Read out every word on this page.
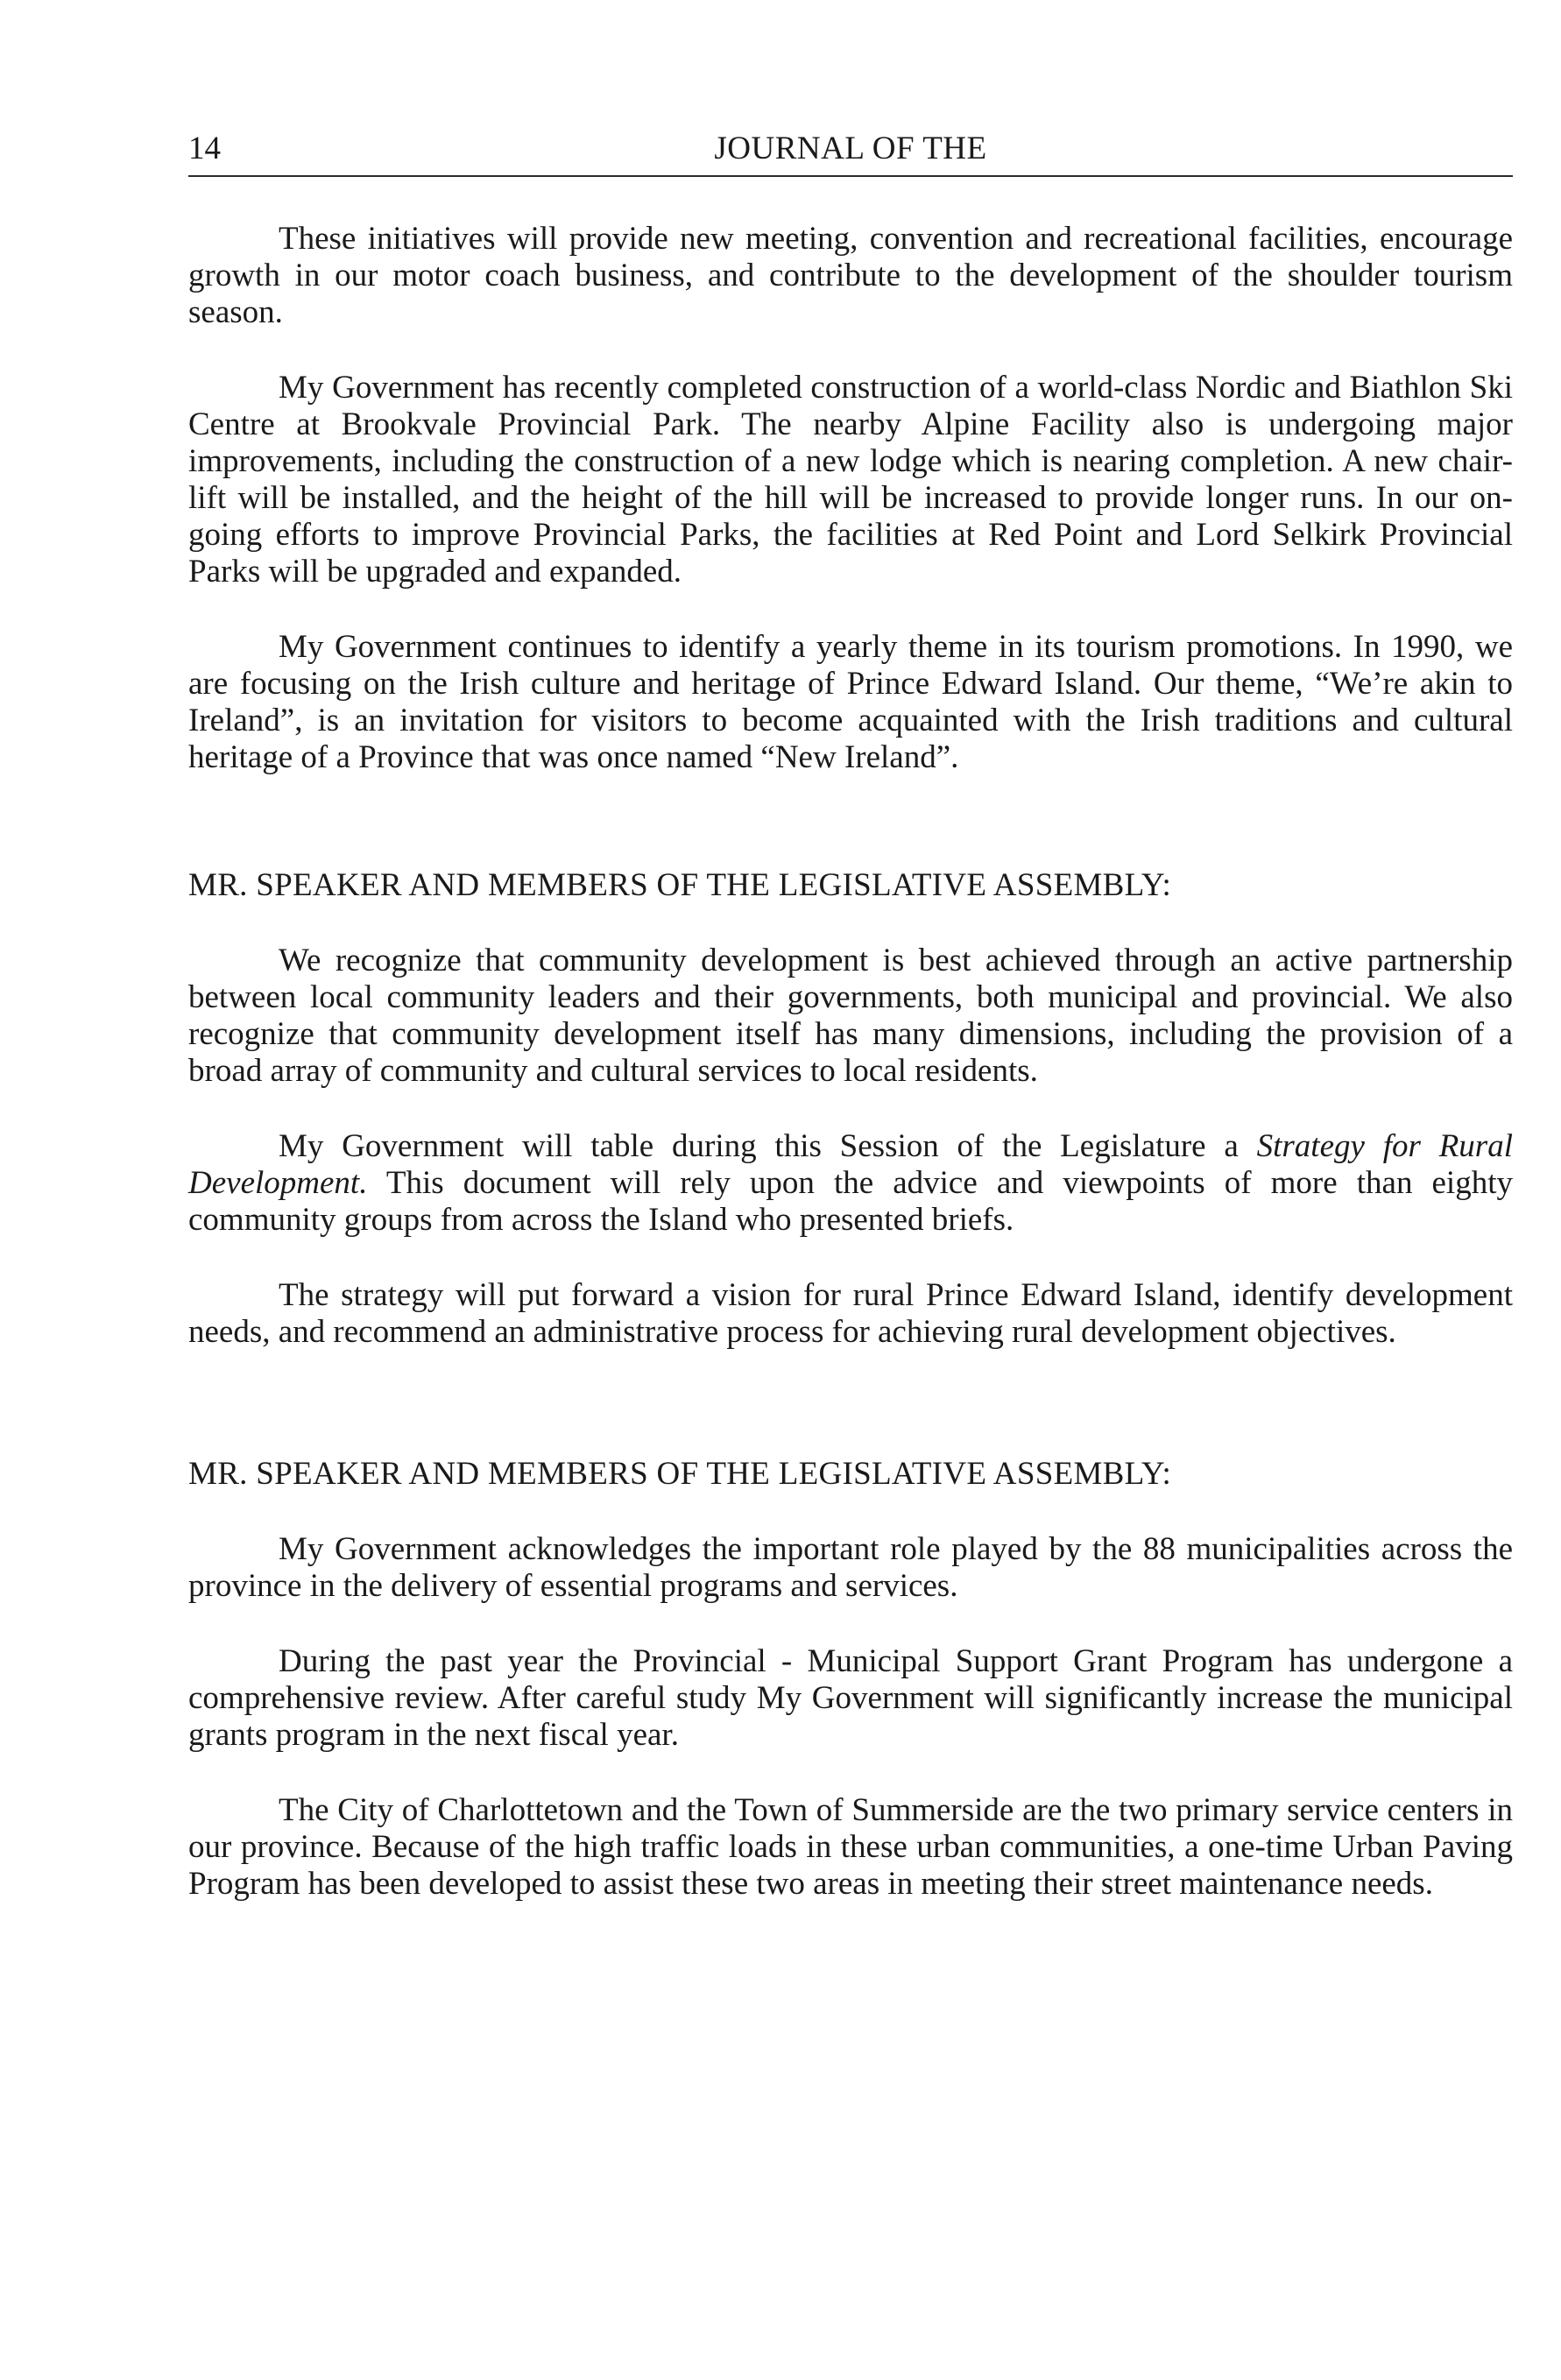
14	JOURNAL OF THE

These initiatives will provide new meeting, convention and recreational facilities, encourage growth in our motor coach business, and contribute to the development of the shoulder tourism season.

My Government has recently completed construction of a world-class Nordic and Biathlon Ski Centre at Brookvale Provincial Park. The nearby Alpine Facility also is undergoing major improvements, including the construction of a new lodge which is nearing completion. A new chair-lift will be installed, and the height of the hill will be increased to provide longer runs. In our on-going efforts to improve Provincial Parks, the facilities at Red Point and Lord Selkirk Provincial Parks will be upgraded and expanded.

My Government continues to identify a yearly theme in its tourism promotions. In 1990, we are focusing on the Irish culture and heritage of Prince Edward Island. Our theme, “We’re akin to Ireland”, is an invitation for visitors to become acquainted with the Irish traditions and cultural heritage of a Province that was once named “New Ireland”.

MR. SPEAKER AND MEMBERS OF THE LEGISLATIVE ASSEMBLY:

We recognize that community development is best achieved through an active partnership between local community leaders and their governments, both municipal and provincial. We also recognize that community development itself has many dimensions, including the provision of a broad array of community and cultural services to local residents.

My Government will table during this Session of the Legislature a Strategy for Rural Development. This document will rely upon the advice and viewpoints of more than eighty community groups from across the Island who presented briefs.

The strategy will put forward a vision for rural Prince Edward Island, identify development needs, and recommend an administrative process for achieving rural development objectives.

MR. SPEAKER AND MEMBERS OF THE LEGISLATIVE ASSEMBLY:

My Government acknowledges the important role played by the 88 municipalities across the province in the delivery of essential programs and services.

During the past year the Provincial - Municipal Support Grant Program has undergone a comprehensive review. After careful study My Government will significantly increase the municipal grants program in the next fiscal year.

The City of Charlottetown and the Town of Summerside are the two primary service centers in our province. Because of the high traffic loads in these urban communities, a one-time Urban Paving Program has been developed to assist these two areas in meeting their street maintenance needs.
